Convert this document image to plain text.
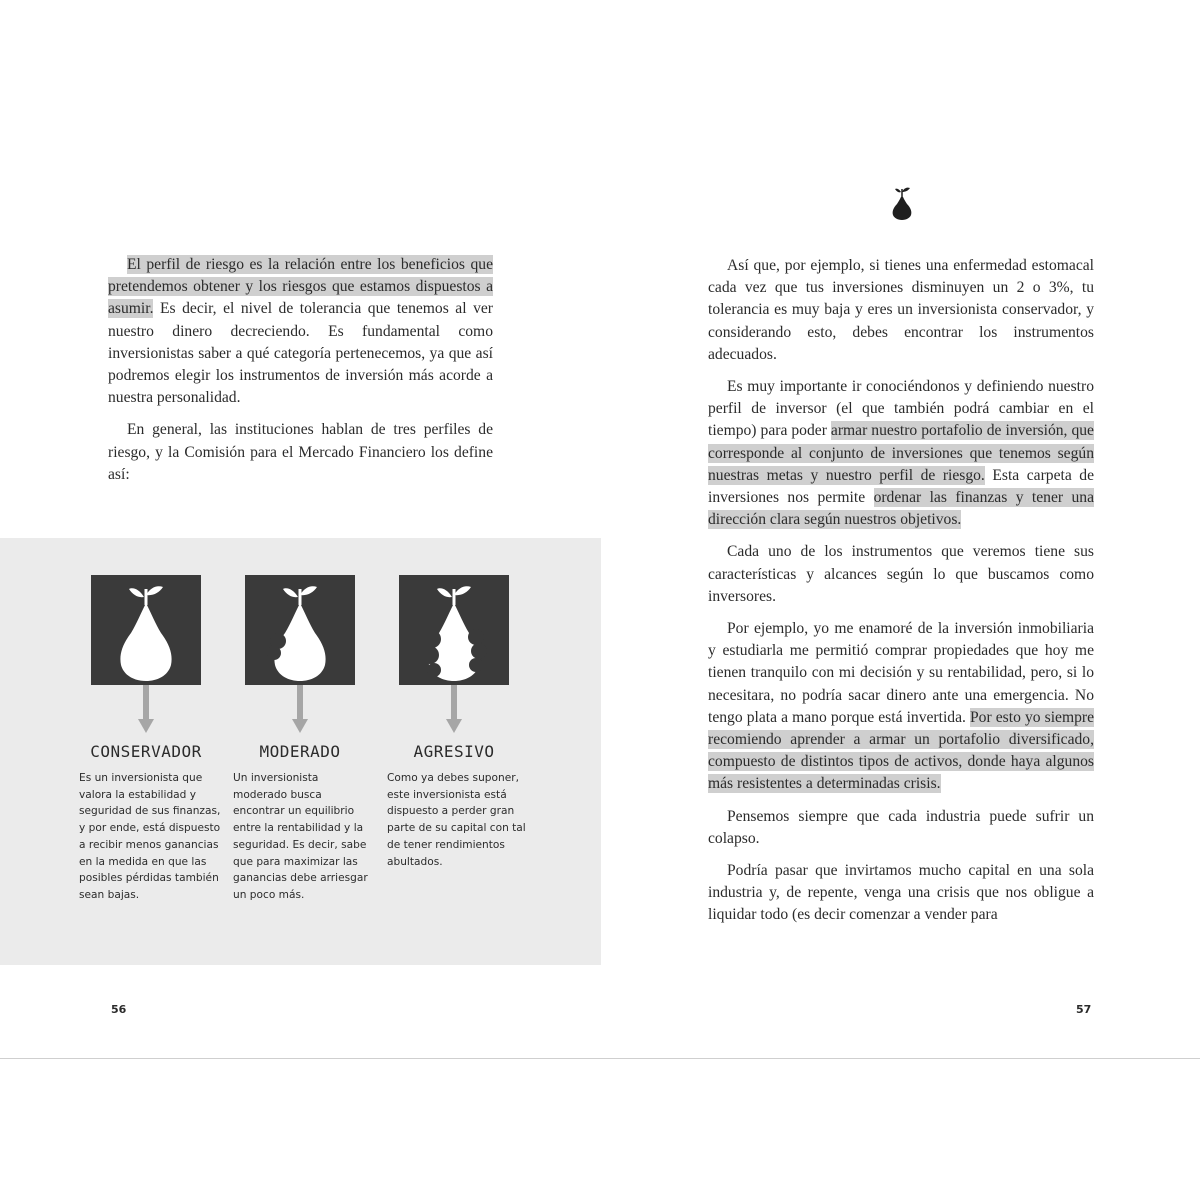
El perfil de riesgo es la relación entre los beneficios que pretendemos obtener y los riesgos que estamos dispuestos a asumir. Es decir, el nivel de tolerancia que tenemos al ver nuestro dinero decreciendo. Es fundamental como inversionistas saber a qué categoría pertenecemos, ya que así podremos elegir los instrumentos de inversión más acorde a nuestra personalidad.

En general, las instituciones hablan de tres perfiles de riesgo, y la Comisión para el Mercado Financiero los define así:

CONSERVADOR

Es un inversionista que valora la estabilidad y seguridad de sus finanzas, y por ende, está dispuesto a recibir menos ganancias en la medida en que las posibles pérdidas también sean bajas.

MODERADO

Un inversionista moderado busca encontrar un equilibrio entre la rentabilidad y la seguridad. Es decir, sabe que para maximizar las ganancias debe arriesgar un poco más.

AGRESIVO

Como ya debes suponer, este inversionista está dispuesto a perder gran parte de su capital con tal de tener rendimientos abultados.

56

Así que, por ejemplo, si tienes una enfermedad estomacal cada vez que tus inversiones disminuyen un 2 o 3%, tu tolerancia es muy baja y eres un inversionista conservador, y considerando esto, debes encontrar los instrumentos adecuados.

Es muy importante ir conociéndonos y definiendo nuestro perfil de inversor (el que también podrá cambiar en el tiempo) para poder armar nuestro portafolio de inversión, que corresponde al conjunto de inversiones que tenemos según nuestras metas y nuestro perfil de riesgo. Esta carpeta de inversiones nos permite ordenar las finanzas y tener una dirección clara según nuestros objetivos.

Cada uno de los instrumentos que veremos tiene sus características y alcances según lo que buscamos como inversores.

Por ejemplo, yo me enamoré de la inversión inmobiliaria y estudiarla me permitió comprar propiedades que hoy me tienen tranquilo con mi decisión y su rentabilidad, pero, si lo necesitara, no podría sacar dinero ante una emergencia. No tengo plata a mano porque está invertida. Por esto yo siempre recomiendo aprender a armar un portafolio diversificado, compuesto de distintos tipos de activos, donde haya algunos más resistentes a determinadas crisis.

Pensemos siempre que cada industria puede sufrir un colapso.

Podría pasar que invirtamos mucho capital en una sola industria y, de repente, venga una crisis que nos obligue a liquidar todo (es decir comenzar a vender para

57
